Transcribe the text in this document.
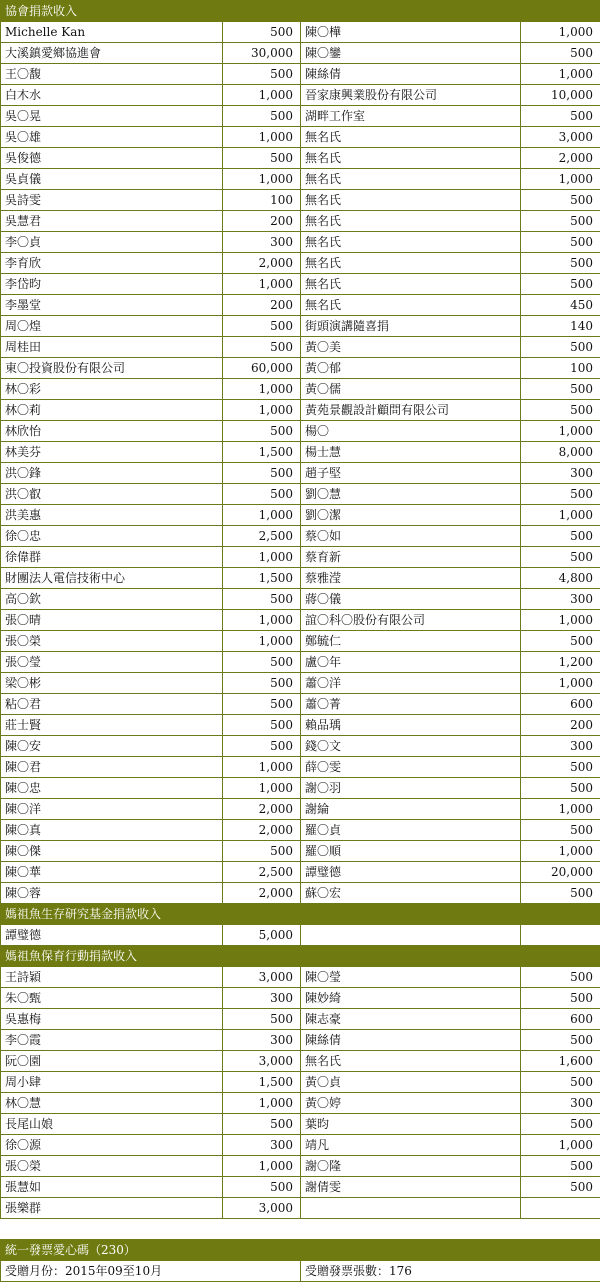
協會捐款收入			
Michelle Kan	500	陳〇樺	1,000
大溪鎮愛鄉協進會	30,000	陳〇鑾	500
王〇馥	500	陳絲倩	1,000
白木水	1,000	晉家康興業股份有限公司	10,000
吳〇晃	500	湖畔工作室	500
吳〇雄	1,000	無名氏	3,000
吳俊德	500	無名氏	2,000
吳貞儀	1,000	無名氏	1,000
吳詩雯	100	無名氏	500
吳慧君	200	無名氏	500
李〇貞	300	無名氏	500
李育欣	2,000	無名氏	500
李岱昀	1,000	無名氏	500
李墨堂	200	無名氏	450
周〇煌	500	街頭演講隨喜捐	140
周桂田	500	黃〇美	500
東〇投資股份有限公司	60,000	黃〇郁	100
林〇彩	1,000	黃〇儒	500
林〇莉	1,000	黃苑景觀設計顧問有限公司	500
林欣怡	500	楊〇	1,000
林美芬	1,500	楊士慧	8,000
洪〇鋒	500	趙子堅	300
洪〇叡	500	劉〇慧	500
洪美惠	1,000	劉〇潔	1,000
徐〇忠	2,500	蔡〇如	500
徐偉群	1,000	蔡育新	500
財團法人電信技術中心	1,500	蔡雅滢	4,800
高〇欽	500	蔣〇儀	300
張〇晴	1,000	誼〇科〇股份有限公司	1,000
張〇榮	1,000	鄭毓仁	500
張〇瑩	500	盧〇年	1,200
梁〇彬	500	蕭〇洋	1,000
粘〇君	500	蕭〇菁	600
莊士賢	500	賴品瑀	200
陳〇安	500	錢〇文	300
陳〇君	1,000	薛〇雯	500
陳〇忠	1,000	謝〇羽	500
陳〇洋	2,000	謝綸	1,000
陳〇真	2,000	羅〇貞	500
陳〇傑	500	羅〇順	1,000
陳〇華	2,500	譚璧德	20,000
陳〇蓉	2,000	蘇〇宏	500
媽祖魚生存研究基金捐款收入			
譚璧德	5,000		
媽祖魚保育行動捐款收入			
王詩穎	3,000	陳〇瑩	500
朱〇甄	300	陳妙綺	500
吳惠梅	500	陳志豪	600
李〇霞	300	陳絲倩	500
阮〇園	3,000	無名氏	1,600
周小肆	1,500	黃〇貞	500
林〇慧	1,000	黃〇婷	300
長尾山娘	500	葉昀	500
徐〇源	300	靖凡	1,000
張〇榮	1,000	謝〇隆	500
張慧如	500	謝倩雯	500
張樂群	3,000		
統一發票愛心碼（230）
受贈月份：2015年09至10月	受贈發票張數：176
